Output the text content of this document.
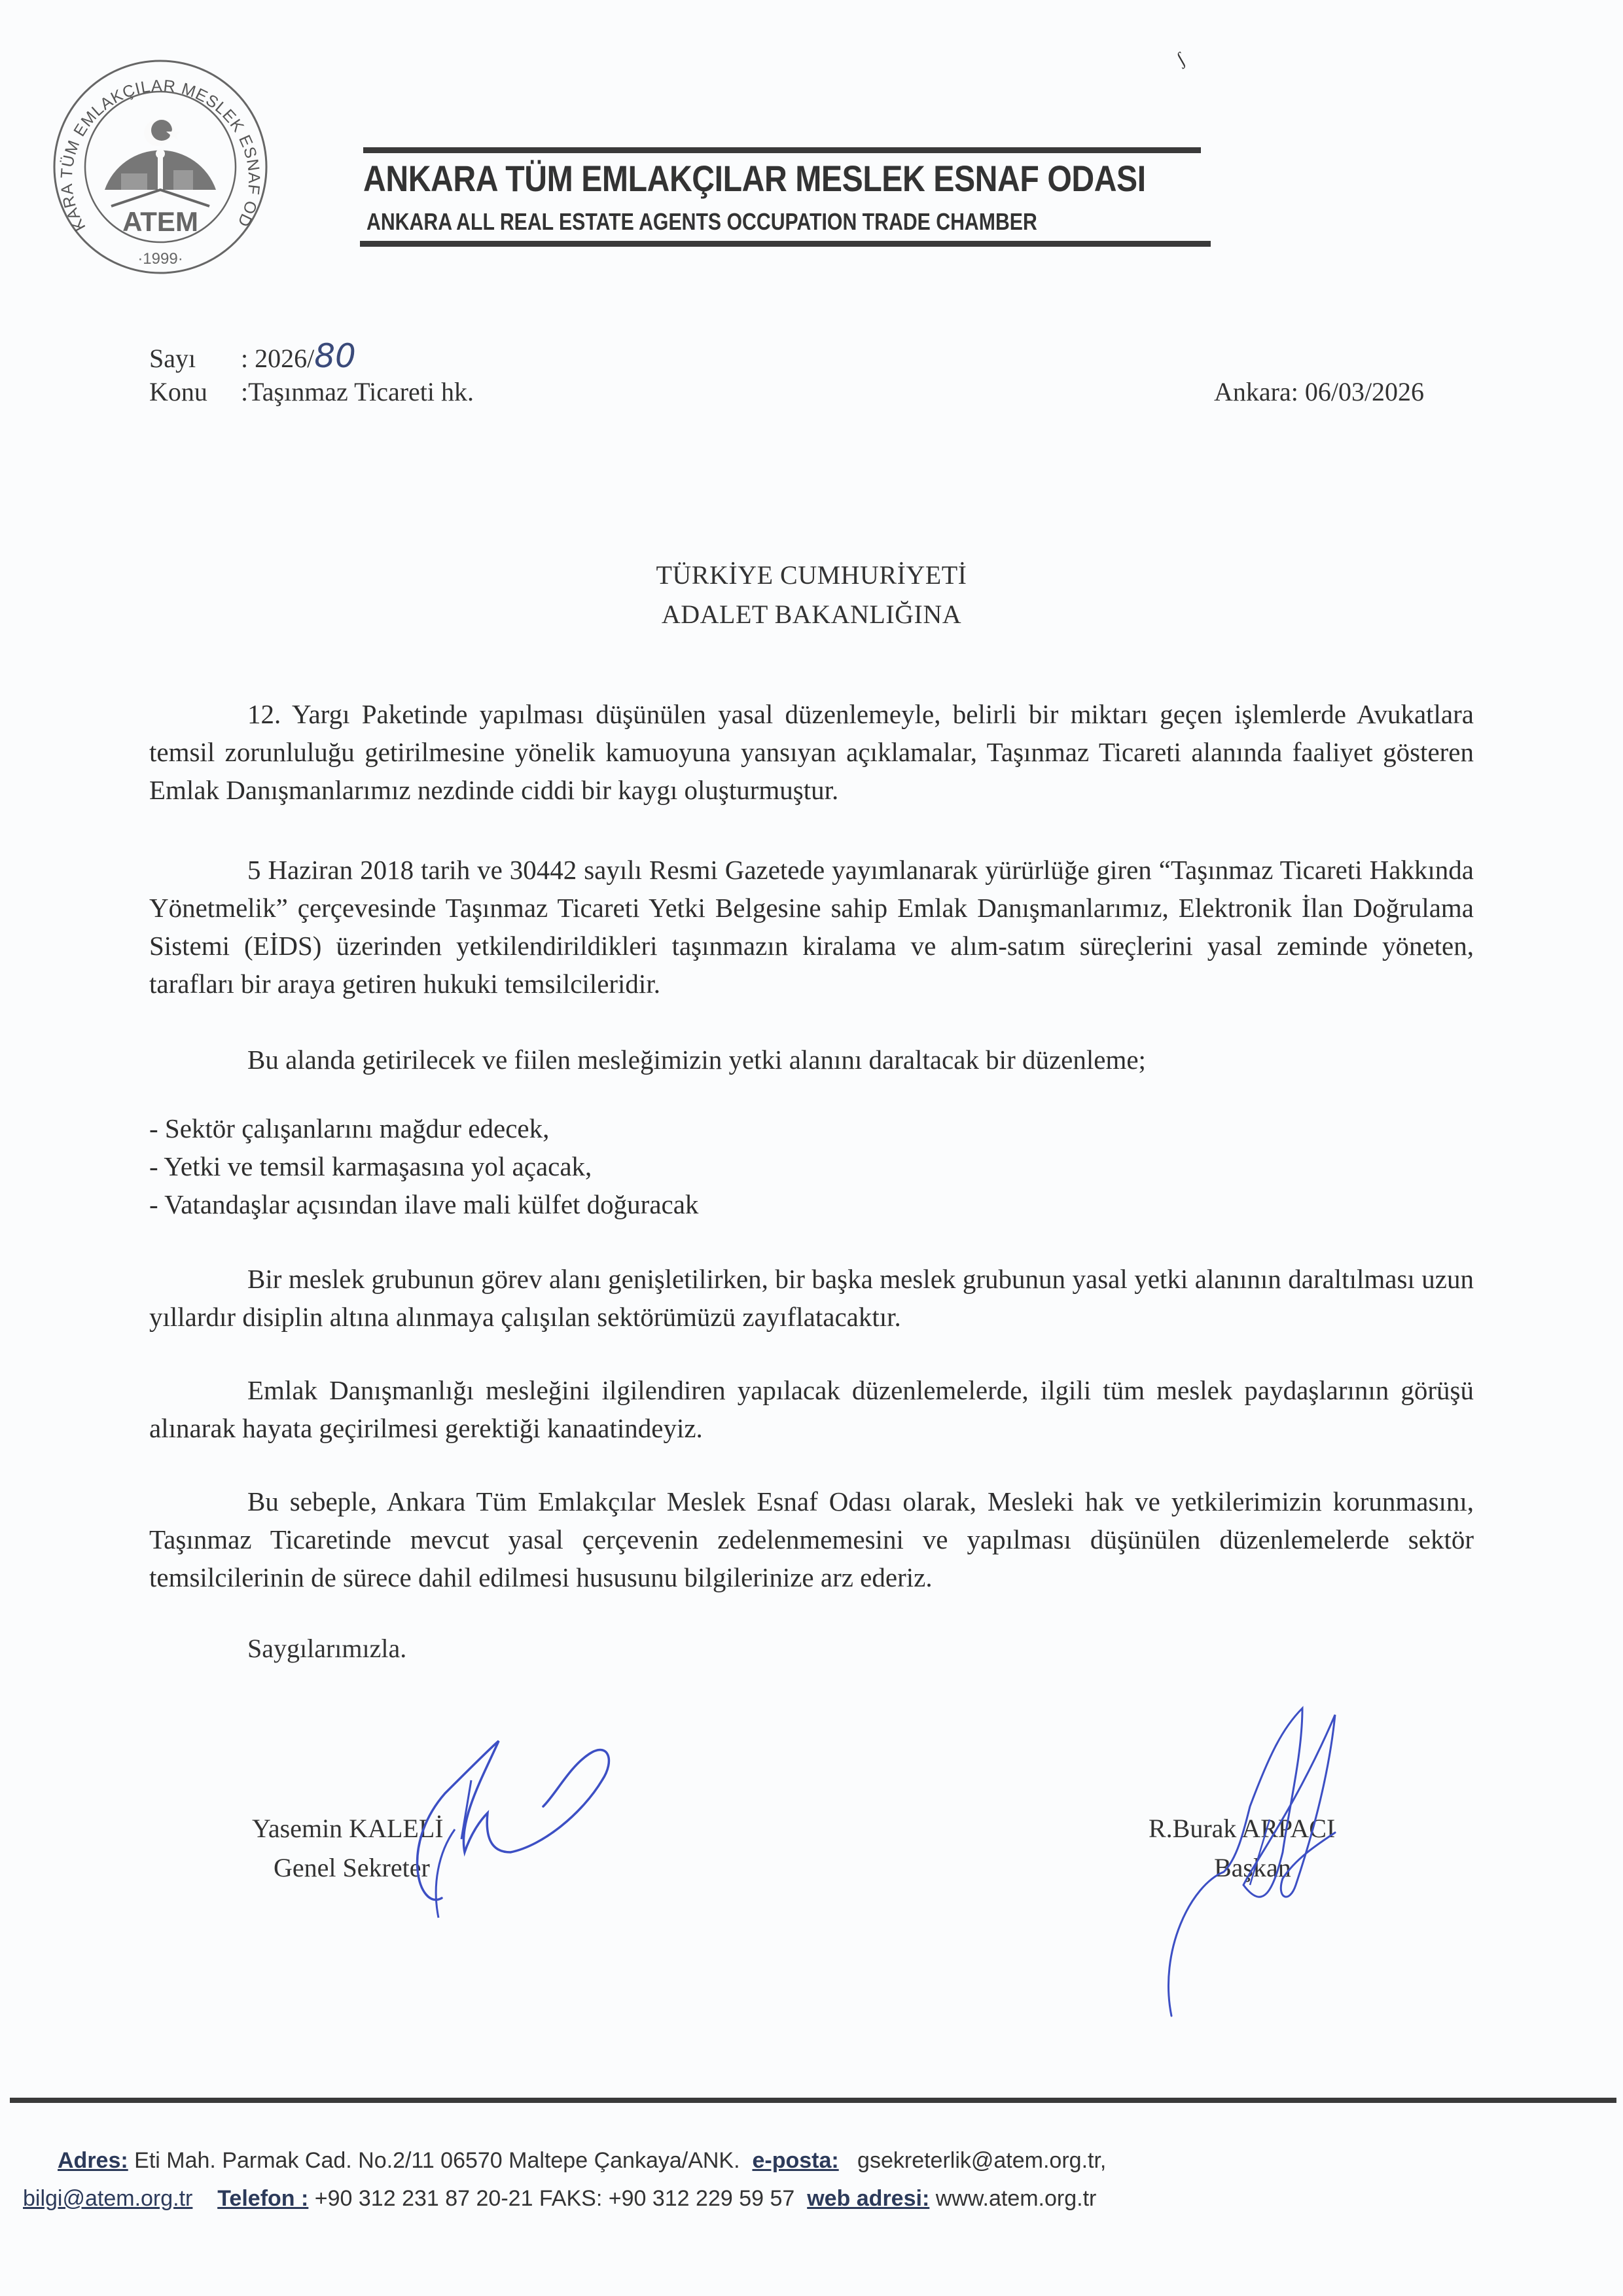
KARA TÜM EMLAKÇILAR MESLEK ESNAF OD
ATEM
·1999·
ANKARA TÜM EMLAKÇILAR MESLEK ESNAF ODASI
ANKARA ALL REAL ESTATE AGENTS OCCUPATION TRADE CHAMBER
ʃ
Sayı : 2026/80
Konu :Taşınmaz Ticareti hk.	Ankara: 06/03/2026
TÜRKİYE CUMHURİYETİ
ADALET BAKANLIĞINA
12. Yargı Paketinde yapılması düşünülen yasal düzenlemeyle, belirli bir miktarı geçen işlemlerde Avukatlara temsil zorunluluğu getirilmesine yönelik kamuoyuna yansıyan açıklamalar, Taşınmaz Ticareti alanında faaliyet gösteren Emlak Danışmanlarımız nezdinde ciddi bir kaygı oluşturmuştur.
5 Haziran 2018 tarih ve 30442 sayılı Resmi Gazetede yayımlanarak yürürlüğe giren “Taşınmaz Ticareti Hakkında Yönetmelik” çerçevesinde Taşınmaz Ticareti Yetki Belgesine sahip Emlak Danışmanlarımız, Elektronik İlan Doğrulama Sistemi (EİDS) üzerinden yetkilendirildikleri taşınmazın kiralama ve alım-satım süreçlerini yasal zeminde yöneten, tarafları bir araya getiren hukuki temsilcileridir.
Bu alanda getirilecek ve fiilen mesleğimizin yetki alanını daraltacak bir düzenleme;
- Sektör çalışanlarını mağdur edecek,
- Yetki ve temsil karmaşasına yol açacak,
- Vatandaşlar açısından ilave mali külfet doğuracak
Bir meslek grubunun görev alanı genişletilirken, bir başka meslek grubunun yasal yetki alanının daraltılması uzun yıllardır disiplin altına alınmaya çalışılan sektörümüzü zayıflatacaktır.
Emlak Danışmanlığı mesleğini ilgilendiren yapılacak düzenlemelerde, ilgili tüm meslek paydaşlarının görüşü alınarak hayata geçirilmesi gerektiği kanaatindeyiz.
Bu sebeple, Ankara Tüm Emlakçılar Meslek Esnaf Odası olarak, Mesleki hak ve yetkilerimizin korunmasını, Taşınmaz Ticaretinde mevcut yasal çerçevenin zedelenmemesini ve yapılması düşünülen düzenlemelerde sektör temsilcilerinin de sürece dahil edilmesi hususunu bilgilerinize arz ederiz.
Saygılarımızla.
Yasemin KALELİ
Genel Sekreter
R.Burak ARPACI
Başkan
Adres: Eti Mah. Parmak Cad. No.2/11 06570 Maltepe Çankaya/ANK. e-posta: gsekreterlik@atem.org.tr,
bilgi@atem.org.tr Telefon : +90 312 231 87 20-21 FAKS: +90 312 229 59 57 web adresi: www.atem.org.tr
